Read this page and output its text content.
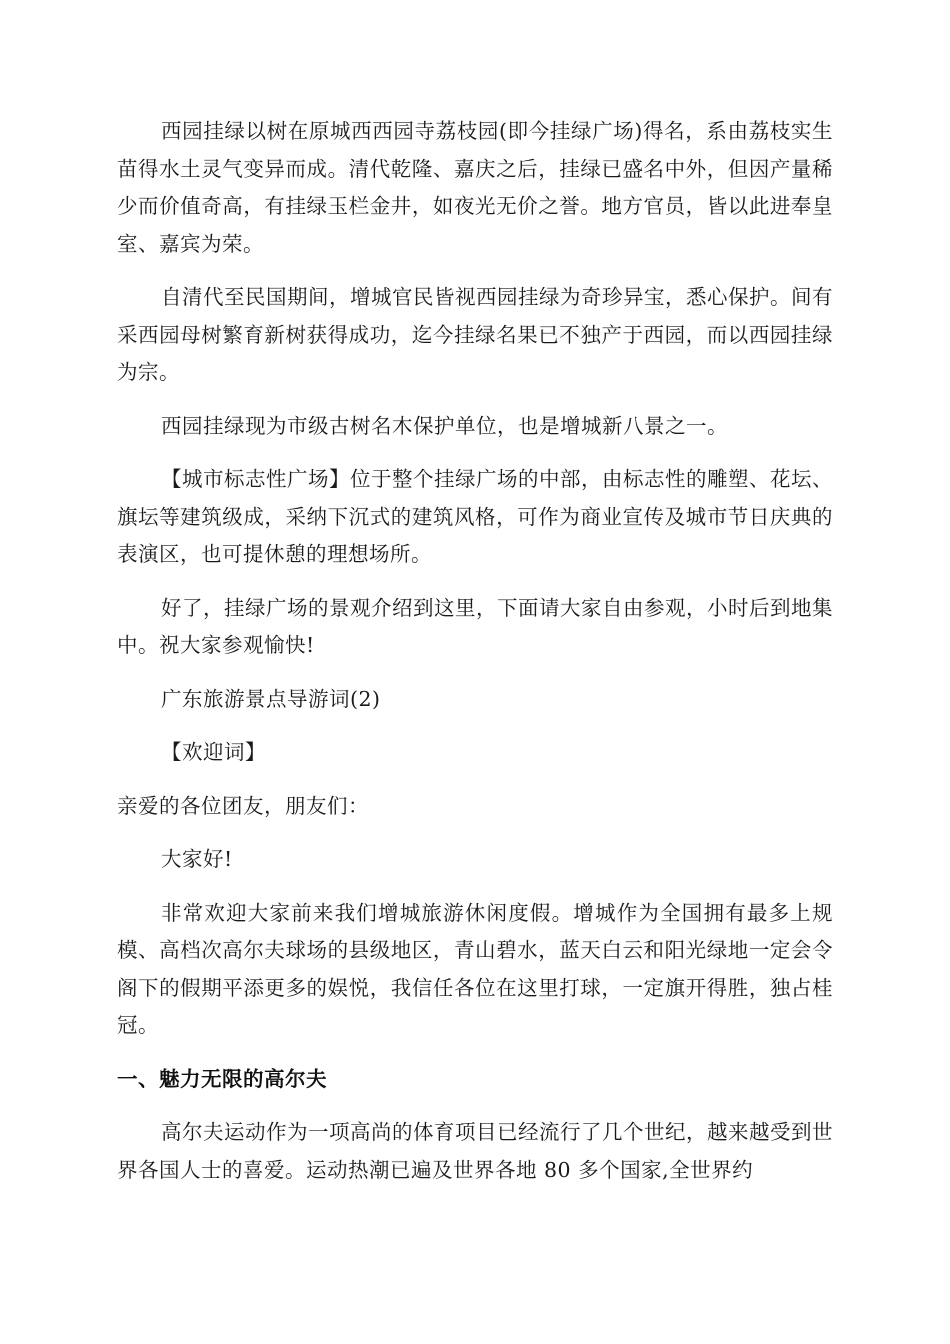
西园挂绿以树在原城西西园寺荔枝园(即今挂绿广场)得名，系由荔枝实生苗得水土灵气变异而成。清代乾隆、嘉庆之后，挂绿已盛名中外，但因产量稀少而价值奇高，有挂绿玉栏金井，如夜光无价之誉。地方官员，皆以此进奉皇室、嘉宾为荣。

自清代至民国期间，增城官民皆视西园挂绿为奇珍异宝，悉心保护。间有采西园母树繁育新树获得成功，迄今挂绿名果已不独产于西园，而以西园挂绿为宗。

西园挂绿现为市级古树名木保护单位，也是增城新八景之一。

【城市标志性广场】位于整个挂绿广场的中部，由标志性的雕塑、花坛、旗坛等建筑级成，采纳下沉式的建筑风格，可作为商业宣传及城市节日庆典的表演区，也可提休憩的理想场所。

好了，挂绿广场的景观介绍到这里，下面请大家自由参观，小时后到地集中。祝大家参观愉快!

广东旅游景点导游词(2)

【欢迎词】

亲爱的各位团友，朋友们：

大家好!

非常欢迎大家前来我们增城旅游休闲度假。增城作为全国拥有最多上规模、高档次高尔夫球场的县级地区，青山碧水，蓝天白云和阳光绿地一定会令阁下的假期平添更多的娱悦，我信任各位在这里打球，一定旗开得胜，独占桂冠。

一、魅力无限的高尔夫

高尔夫运动作为一项高尚的体育项目已经流行了几个世纪，越来越受到世界各国人士的喜爱。运动热潮已遍及世界各地 80 多个国家,全世界约
